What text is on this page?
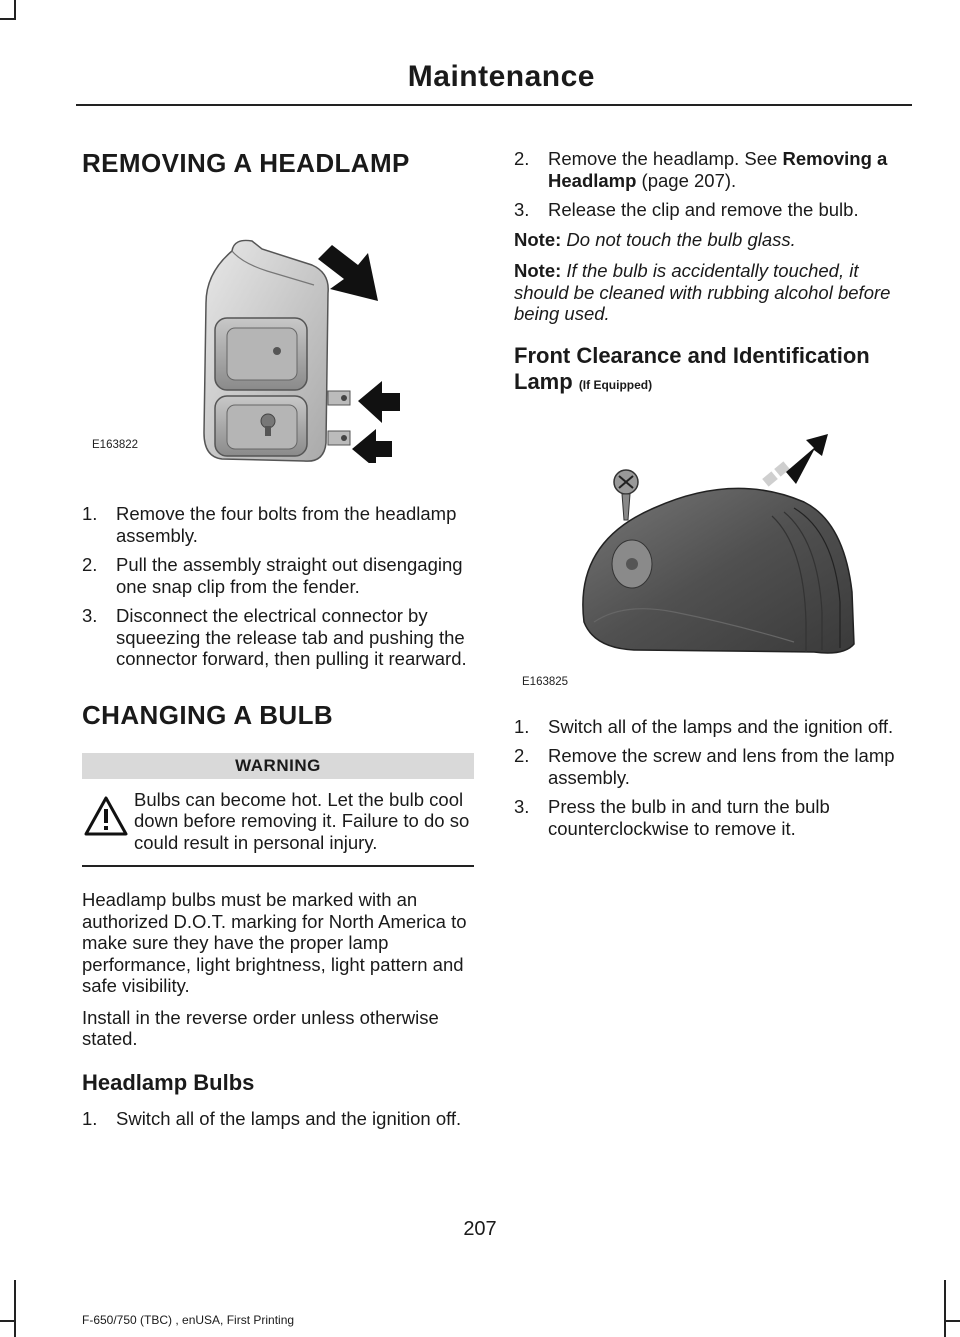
Maintenance
REMOVING A HEADLAMP
E163822
1. Remove the four bolts from the headlamp assembly.
2. Pull the assembly straight out disengaging one snap clip from the fender.
3. Disconnect the electrical connector by squeezing the release tab and pushing the connector forward, then pulling it rearward.
CHANGING A BULB
WARNING
Bulbs can become hot. Let the bulb cool down before removing it. Failure to do so could result in personal injury.

Headlamp bulbs must be marked with an authorized D.O.T. marking for North America to make sure they have the proper lamp performance, light brightness, light pattern and safe visibility.

Install in the reverse order unless otherwise stated.

Headlamp Bulbs
1. Switch all of the lamps and the ignition off.
2. Remove the headlamp. See Removing a Headlamp (page 207).
3. Release the clip and remove the bulb.

Note: Do not touch the bulb glass.

Note: If the bulb is accidentally touched, it should be cleaned with rubbing alcohol before being used.

Front Clearance and Identification Lamp (If Equipped)
E163825
1. Switch all of the lamps and the ignition off.
2. Remove the screw and lens from the lamp assembly.
3. Press the bulb in and turn the bulb counterclockwise to remove it.
207
F-650/750 (TBC) , enUSA, First Printing
